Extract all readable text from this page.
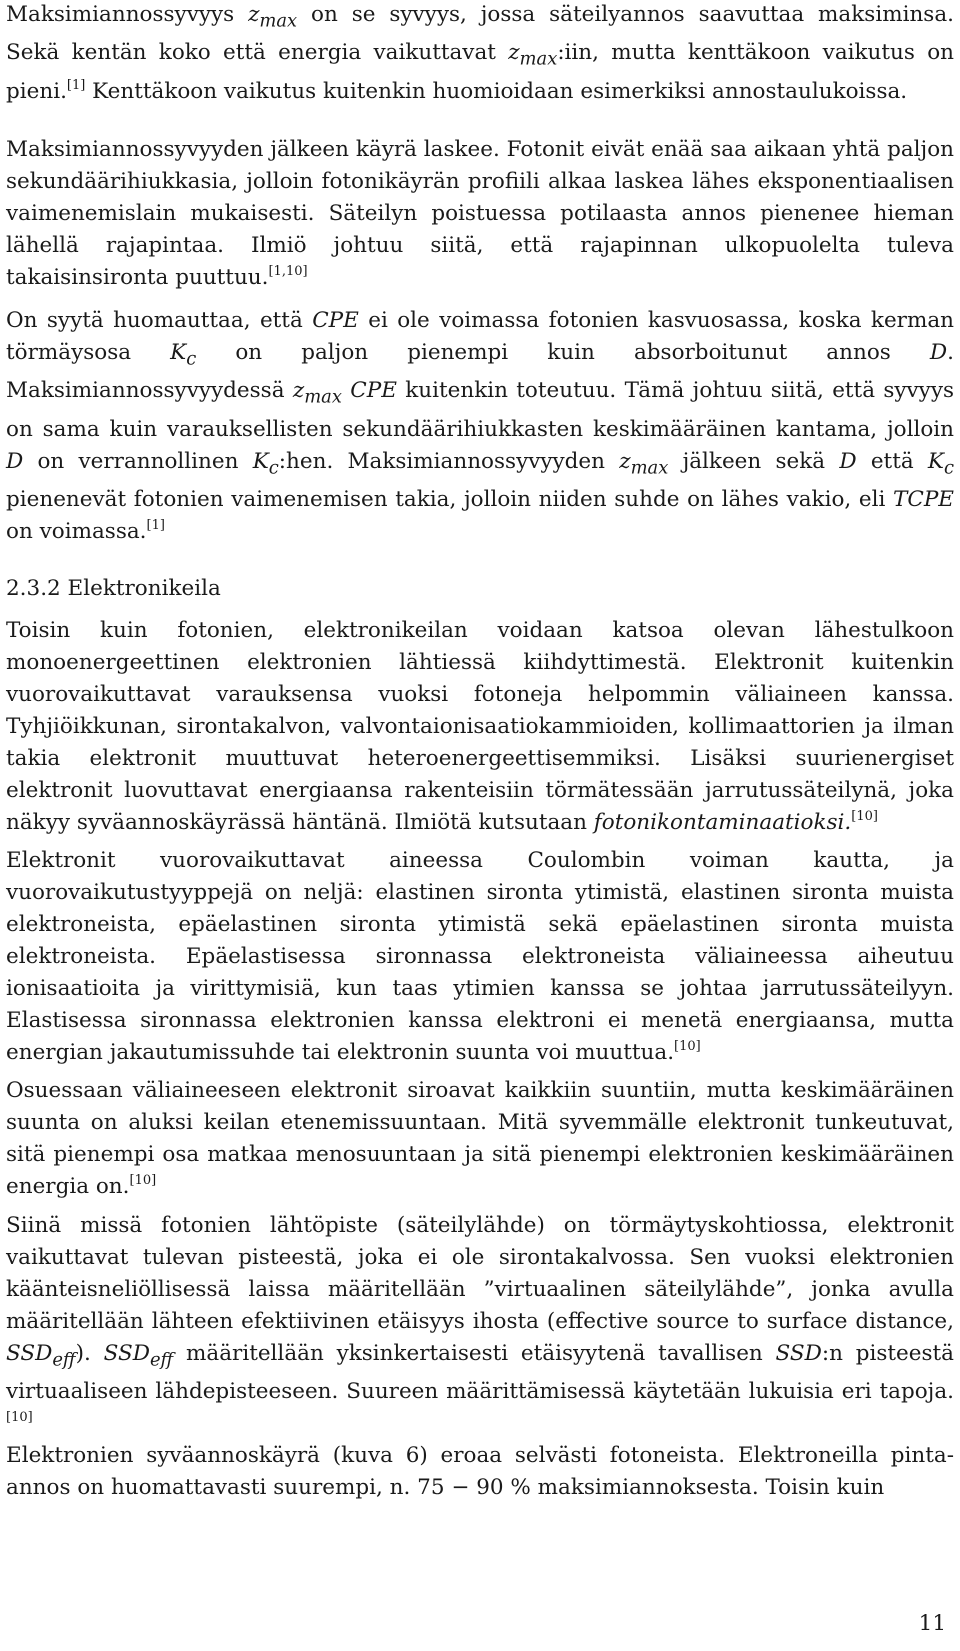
Maksimiannossyvyys $z_{max}$ on se syvyys, jossa säteilyannos saavuttaa maksiminsa. Sekä kentän koko että energia vaikuttavat $z_{max}:iin$, mutta kenttäkoon vaikutus on pieni.[1] Kenttäkoon vaikutus kuitenkin huomioidaan esimerkiksi annostaulukoissa.

Maksimiannossyvyyden jälkeen käyrä laskee. Fotonit eivät enää saa aikaan yhtä paljon sekundäärihiukkasia, jolloin fotonikäyrän profiili alkaa laskea lähes eksponentiaalisen vaimenemislain mukaisesti. Säteilyn poistuessa potilaasta annos pienenee hieman lähellä rajapintaa. Ilmiö johtuu siitä, että rajapinnan ulkopuolelta tuleva takaisinsironta puuttuu.[1,10]

On syytä huomauttaa, että CPE ei ole voimassa fotonien kasvuosassa, koska kerman törmäysosa $K_c$ on paljon pienempi kuin absorboitunut annos D. Maksimiannossyvyydessä $z_{max}$ CPE kuitenkin toteutuu. Tämä johtuu siitä, että syvyys on sama kuin varauksellisten sekundäärihiukkasten keskimääräinen kantama, jolloin D on verrannollinen $K_c:hen$. Maksimiannossyvyyden $z_{max}$ jälkeen sekä D että $K_c$ pienenevät fotonien vaimenemisen takia, jolloin niiden suhde on lähes vakio, eli TCPE on voimassa.[1]

2.3.2 Elektronikeila

Toisin kuin fotonien, elektronikeilan voidaan katsoa olevan lähestulkoon monoenergeettinen elektronien lähtiessä kiihdyttimestä. Elektronit kuitenkin vuorovaikuttavat varauksensa vuoksi fotoneja helpommin väliaineen kanssa. Tyhjiöikkunan, sirontakalvon, valvontaionisaatiokammioiden, kollimaattorien ja ilman takia elektronit muuttuvat heteroenergeettisemmiksi. Lisäksi suurienergiset elektronit luovuttavat energiaansa rakenteisiin törmätessään jarrutussäteilynä, joka näkyy syväannoskäyrässä häntänä. Ilmiötä kutsutaan fotonikontaminaatioksi.[10]

Elektronit vuorovaikuttavat aineessa Coulombin voiman kautta, ja vuorovaikutustyyppejä on neljä: elastinen sironta ytimistä, elastinen sironta muista elektroneista, epäelastinen sironta ytimistä sekä epäelastinen sironta muista elektroneista. Epäelastisessa sironnassa elektroneista väliaineessa aiheutuu ionisaatioita ja virittymisiä, kun taas ytimien kanssa se johtaa jarrutussäteilyyn. Elastisessa sironnassa elektronien kanssa elektroni ei menetä energiaansa, mutta energian jakautumissuhde tai elektronin suunta voi muuttua.[10]

Osuessaan väliaineeseen elektronit siroavat kaikkiin suuntiin, mutta keskimääräinen suunta on aluksi keilan etenemissuuntaan. Mitä syvemmälle elektronit tunkeutuvat, sitä pienempi osa matkaa menosuuntaan ja sitä pienempi elektronien keskimääräinen energia on.[10]

Siinä missä fotonien lähtöpiste (säteilylähde) on törmäytyskohtiossa, elektronit vaikuttavat tulevan pisteestä, joka ei ole sirontakalvossa. Sen vuoksi elektronien käänteisneliöllisessä laissa määritellään ”virtuaalinen säteilylähde”, jonka avulla määritellään lähteen efektiivinen etäisyys ihosta (effective source to surface distance, $SSD_{eff}$). $SSD_{eff}$ määritellään yksinkertaisesti etäisyytenä tavallisen SSD:n pisteestä virtuaaliseen lähdepisteeseen. Suureen määrittämisessä käytetään lukuisia eri tapoja.[10]

Elektronien syväannoskäyrä (kuva 6) eroaa selvästi fotoneista. Elektroneilla pinta-annos on huomattavasti suurempi, n. 75 − 90 % maksimiannoksesta. Toisin kuin

11
